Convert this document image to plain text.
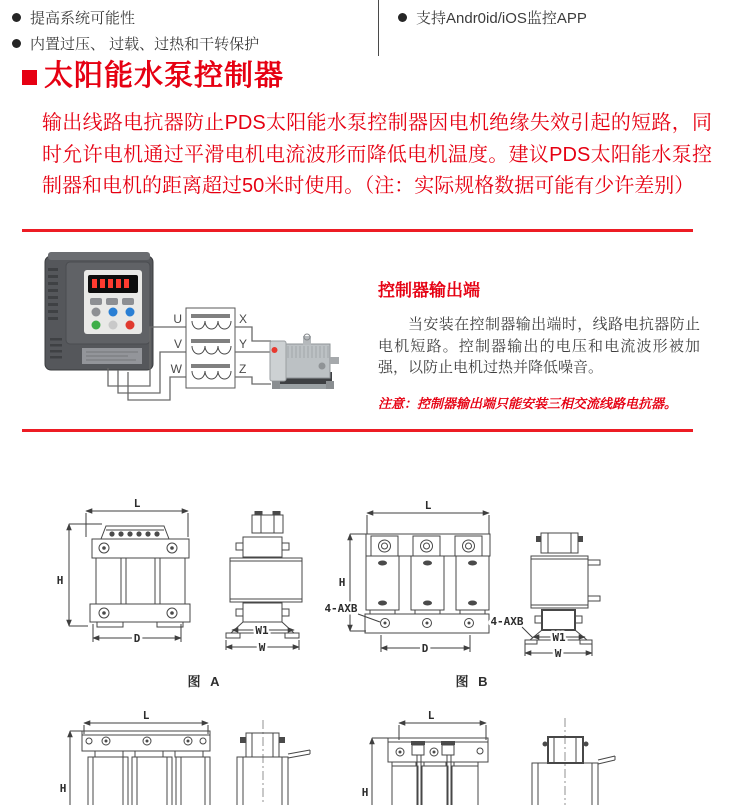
提高系统可能性
内置过压、 过载、过热和干转保护
支持Andr0id/iOS监控APP
太阳能水泵控制器

输出线路电抗器防止PDS太阳能水泵控制器因电机绝缘失效引起的短路，同时允许电机通过平滑电机电流波形而降低电机温度。建议PDS太阳能水泵控制器和电机的距离超过50米时使用。（注：实际规格数据可能有少许差别）

U
V
W
X
Y
Z
控制器输出端

当安装在控制器输出端时，线路电抗器防止电机短路。控制器输出的电压和电流波形被加强，以防止电机过热并降低噪音。

注意：控制器输出端只能安装三相交流线路电抗器。

L
H
D
W1
W
图 A
L
H
4-AXB
D
4-AXB
W1
W
图 B
L
H
L
H
